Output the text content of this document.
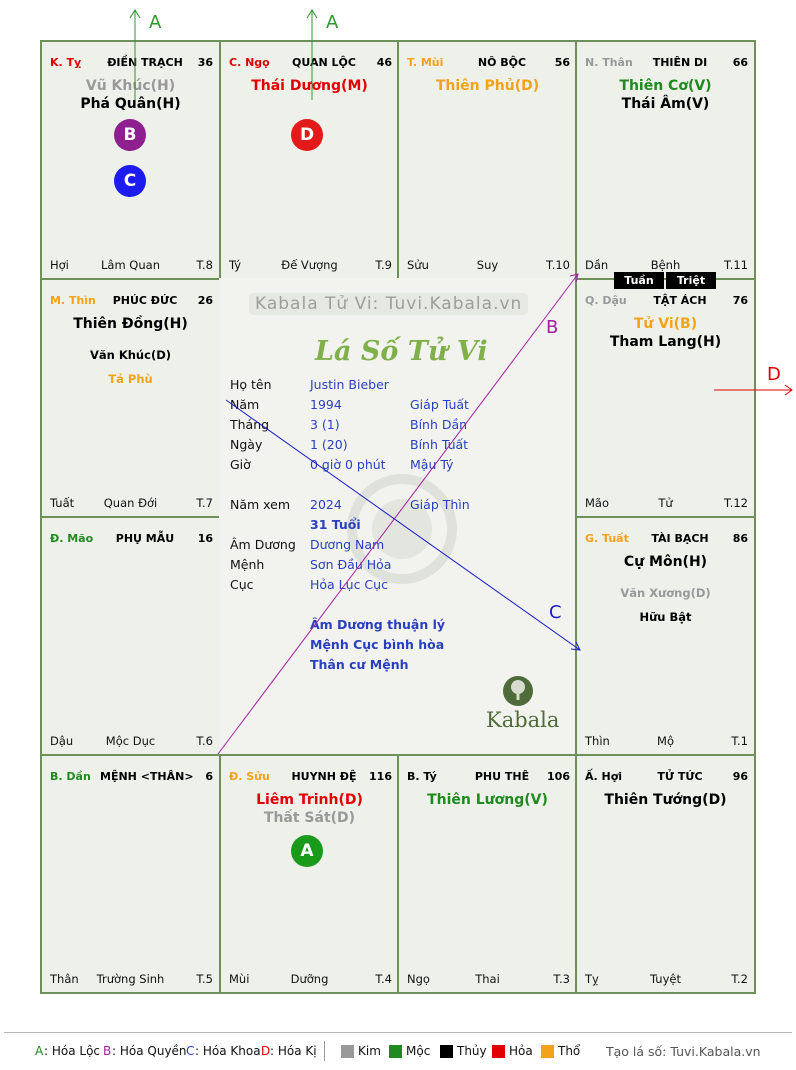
K. Tỵ	ĐIỀN TRẠCH	36
Vũ Khúc(H)
Phá Quân(H)
Hợi	Lâm Quan	T.8
C. Ngọ	QUAN LỘC	46
Thái Dương(M)
Tý	Đế Vượng	T.9
T. Mùi	NÔ BỘC	56
Thiên Phủ(D)
Sửu	Suy	T.10
N. Thân	THIÊN DI	66
Thiên Cơ(V)
Thái Âm(V)
Dần	Bệnh	T.11
M. Thìn	PHÚC ĐỨC	26
Thiên Đồng(H)
Văn Khúc(D)
Tả Phù
Tuất	Quan Đới	T.7
Q. Dậu	TẬT ÁCH	76
Tử Vi(B)
Tham Lang(H)
Mão	Tử	T.12
Đ. Mão	PHỤ MẪU	16
Dậu	Mộc Dục	T.6
G. Tuất	TÀI BẠCH	86
Cự Môn(H)
Văn Xương(D)
Hữu Bật
Thìn	Mộ	T.1
B. Dần MỆNH <THÂN> 6
Thân	Trường Sinh	T.5
Đ. Sửu	HUYNH ĐỆ	116
Liêm Trinh(D)
Thất Sát(D)
Mùi	Dưỡng	T.4
B. Tý	PHU THÊ	106
Thiên Lương(V)
Ngọ	Thai	T.3
Ấ. Hợi	TỬ TỨC	96
Thiên Tướng(D)
Tỵ	Tuyệt	T.2
Kabala Tử Vi: Tuvi.Kabala.vn
Lá Số Tử Vi
Họ tên	Justin Bieber
Năm	1994	Giáp Tuất
Tháng	3 (1)	Bính Dần
Ngày	1 (20)	Bính Tuất
Giờ	0 giờ 0 phút Mậu Tý
Năm xem 2024	Giáp Thìn
31 Tuổi
Âm Dương Dương Nam
Mệnh	Sơn Đầu Hỏa
Cục	Hỏa Lục Cục
Âm Dương thuận lý
Mệnh Cục bình hòa
Thân cư Mệnh
Kabala
Tuần	Triệt
B
C
D
A
A	A
B
C
D
A : Hóa Lộc B : Hóa Quyền C : Hóa Khoa D : Hóa Kị	Kim Mộc Thủy Hỏa Thổ Tạo lá số: Tuvi.Kabala.vn
